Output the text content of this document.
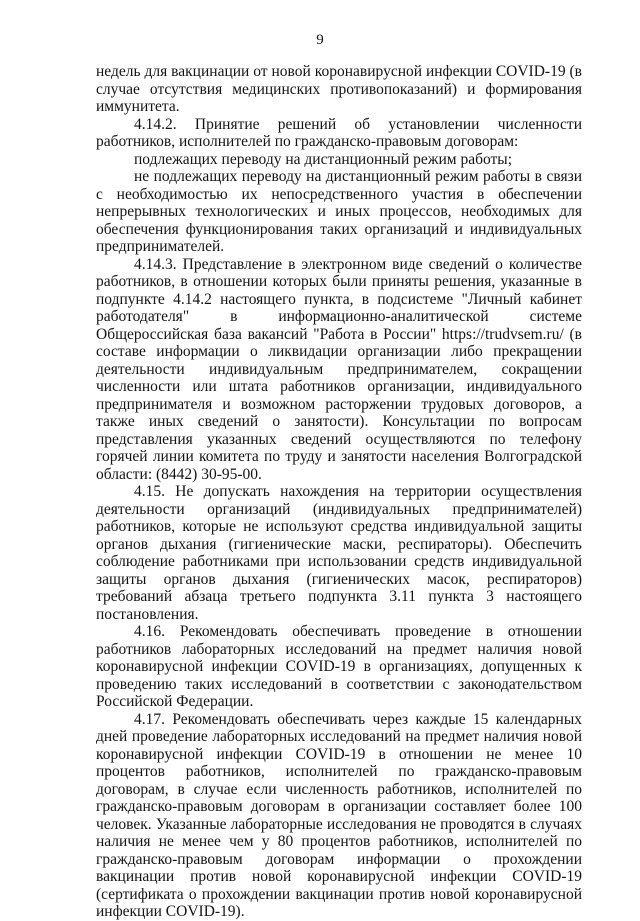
9

недель для вакцинации от новой коронавирусной инфекции COVID-19 (в случае отсутствия медицинских противопоказаний) и формирования иммунитета.

4.14.2. Принятие решений об установлении численности работников, исполнителей по гражданско-правовым договорам:

подлежащих переводу на дистанционный режим работы;

не подлежащих переводу на дистанционный режим работы в связи с необходимостью их непосредственного участия в обеспечении непрерывных технологических и иных процессов, необходимых для обеспечения функционирования таких организаций и индивидуальных предпринимателей.

4.14.3. Представление в электронном виде сведений о количестве работников, в отношении которых были приняты решения, указанные в подпункте 4.14.2 настоящего пункта, в подсистеме "Личный кабинет работодателя" в информационно-аналитической системе Общероссийская база вакансий "Работа в России" https://trudvsem.ru/ (в составе информации о ликвидации организации либо прекращении деятельности индивидуальным предпринимателем, сокращении численности или штата работников организации, индивидуального предпринимателя и возможном расторжении трудовых договоров, а также иных сведений о занятости). Консультации по вопросам представления указанных сведений осуществляются по телефону горячей линии комитета по труду и занятости населения Волгоградской области: (8442) 30-95-00.

4.15. Не допускать нахождения на территории осуществления деятельности организаций (индивидуальных предпринимателей) работников, которые не используют средства индивидуальной защиты органов дыхания (гигиенические маски, респираторы). Обеспечить соблюдение работниками при использовании средств индивидуальной защиты органов дыхания (гигиенических масок, респираторов) требований абзаца третьего подпункта 3.11 пункта 3 настоящего постановления.

4.16. Рекомендовать обеспечивать проведение в отношении работников лабораторных исследований на предмет наличия новой коронавирусной инфекции COVID-19 в организациях, допущенных к проведению таких исследований в соответствии с законодательством Российской Федерации.

4.17. Рекомендовать обеспечивать через каждые 15 календарных дней проведение лабораторных исследований на предмет наличия новой коронавирусной инфекции COVID-19 в отношении не менее 10 процентов работников, исполнителей по гражданско-правовым договорам, в случае если численность работников, исполнителей по гражданско-правовым договорам в организации составляет более 100 человек. Указанные лабораторные исследования не проводятся в случаях наличия не менее чем у 80 процентов работников, исполнителей по гражданско-правовым договорам информации о прохождении вакцинации против новой коронавирусной инфекции COVID-19 (сертификата о прохождении вакцинации против новой коронавирусной инфекции COVID-19).
